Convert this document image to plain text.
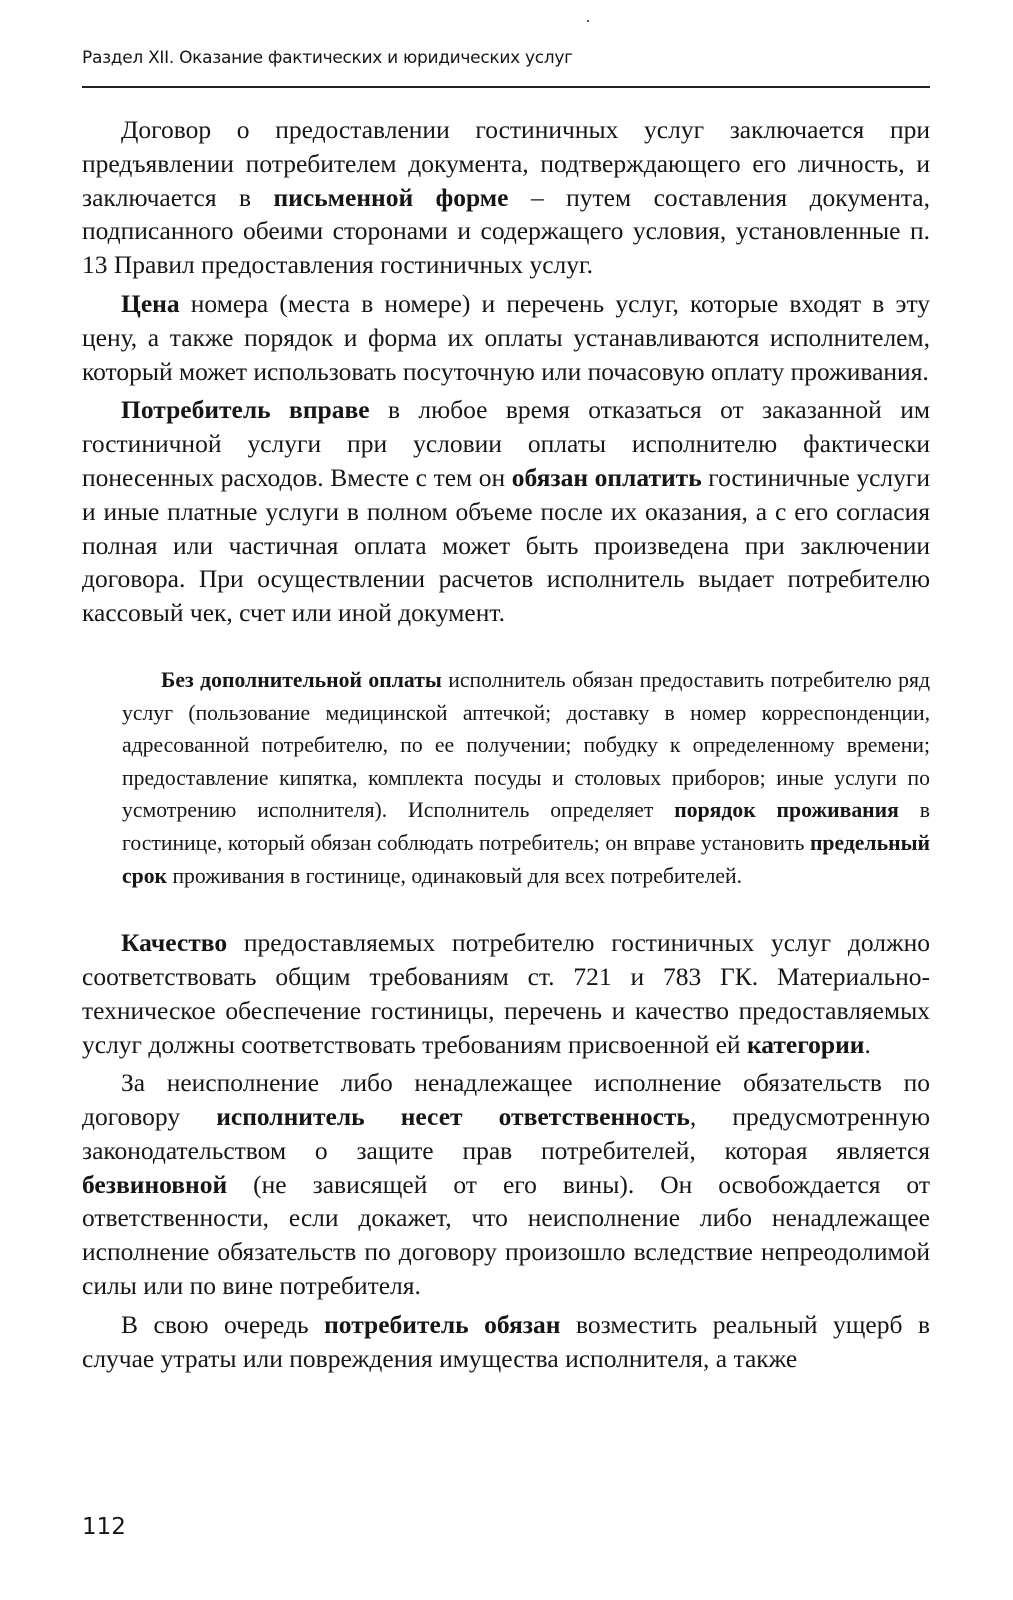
Раздел XII. Оказание фактических и юридических услуг

Договор о предоставлении гостиничных услуг заключается при предъявлении потребителем документа, подтверждающего его личность, и заключается в письменной форме – путем составления документа, подписанного обеими сторонами и содержащего условия, установленные п. 13 Правил предоставления гостиничных услуг.

Цена номера (места в номере) и перечень услуг, которые входят в эту цену, а также порядок и форма их оплаты устанавливаются исполнителем, который может использовать посуточную или почасовую оплату проживания.

Потребитель вправе в любое время отказаться от заказанной им гостиничной услуги при условии оплаты исполнителю фактически понесенных расходов. Вместе с тем он обязан оплатить гостиничные услуги и иные платные услуги в полном объеме после их оказания, а с его согласия полная или частичная оплата может быть произведена при заключении договора. При осуществлении расчетов исполнитель выдает потребителю кассовый чек, счет или иной документ.

Без дополнительной оплаты исполнитель обязан предоставить потребителю ряд услуг (пользование медицинской аптечкой; доставку в номер корреспонденции, адресованной потребителю, по ее получении; побудку к определенному времени; предоставление кипятка, комплекта посуды и столовых приборов; иные услуги по усмотрению исполнителя). Исполнитель определяет порядок проживания в гостинице, который обязан соблюдать потребитель; он вправе установить предельный срок проживания в гостинице, одинаковый для всех потребителей.

Качество предоставляемых потребителю гостиничных услуг должно соответствовать общим требованиям ст. 721 и 783 ГК. Материально-техническое обеспечение гостиницы, перечень и качество предоставляемых услуг должны соответствовать требованиям присвоенной ей категории.

За неисполнение либо ненадлежащее исполнение обязательств по договору исполнитель несет ответственность, предусмотренную законодательством о защите прав потребителей, которая является безвиновной (не зависящей от его вины). Он освобождается от ответственности, если докажет, что неисполнение либо ненадлежащее исполнение обязательств по договору произошло вследствие непреодолимой силы или по вине потребителя.

В свою очередь потребитель обязан возместить реальный ущерб в случае утраты или повреждения имущества исполнителя, а также

112
